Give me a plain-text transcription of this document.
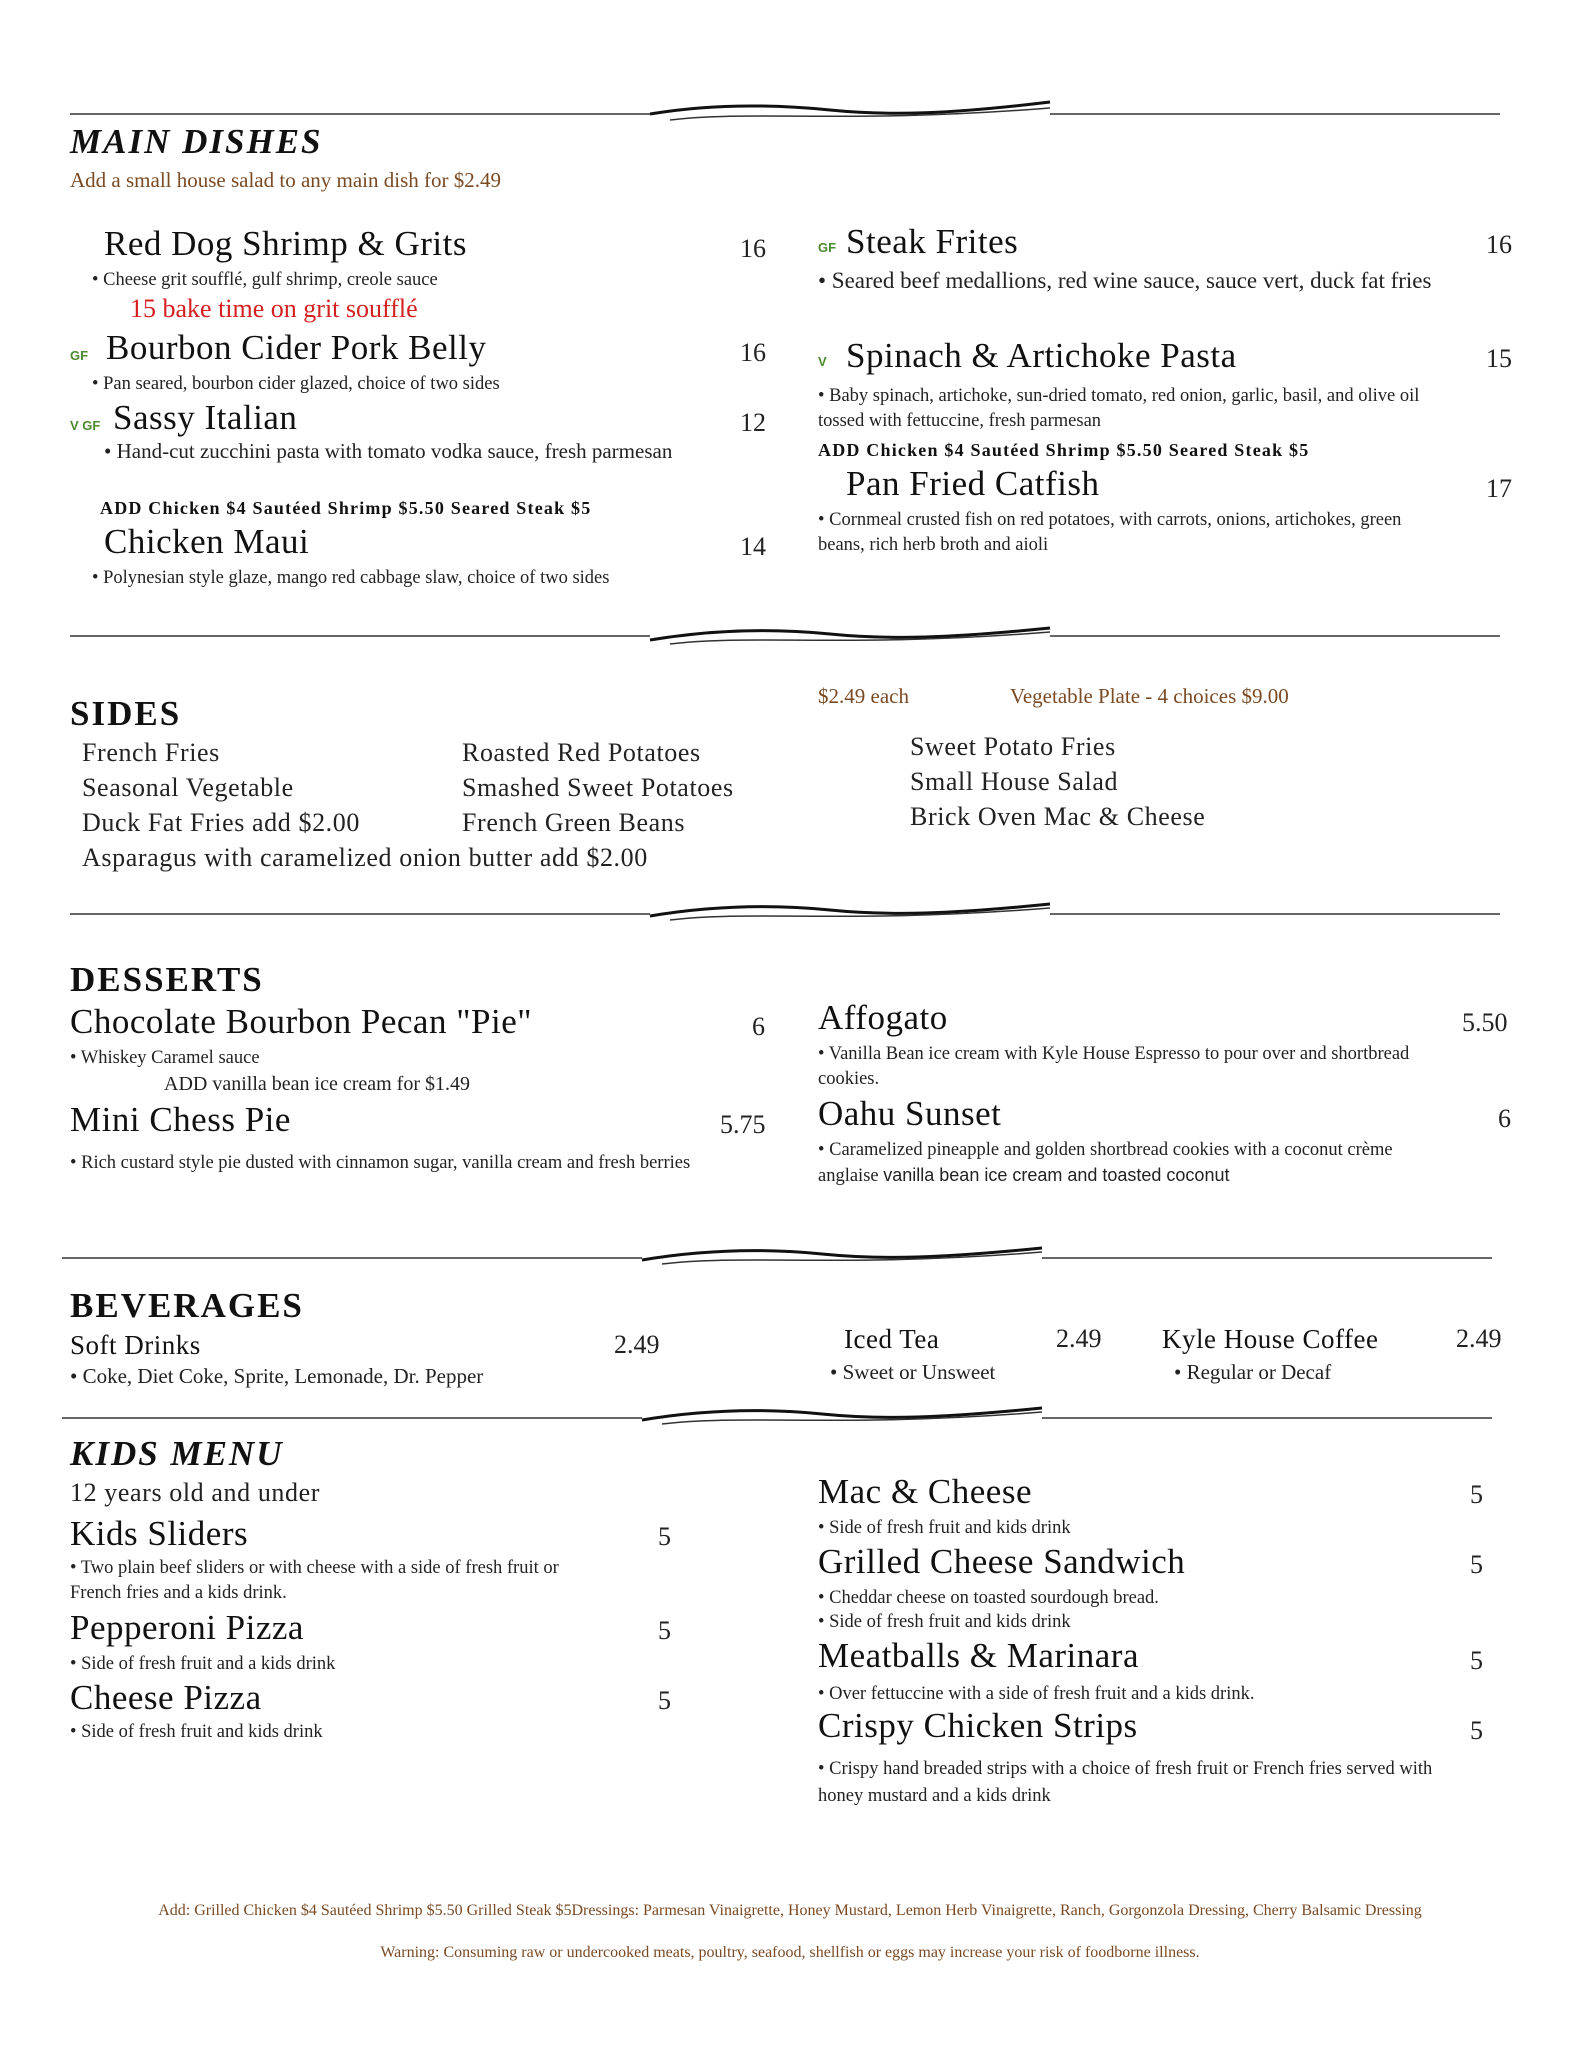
MAIN DISHES
Add a small house salad to any main dish for $2.49
Red Dog Shrimp & Grits	16
• Cheese grit soufflé, gulf shrimp, creole sauce
15 bake time on grit soufflé
GF Bourbon Cider Pork Belly	16
• Pan seared, bourbon cider glazed, choice of two sides
V GF Sassy Italian	12
• Hand-cut zucchini pasta with tomato vodka sauce, fresh parmesan
ADD Chicken $4 Sautéed Shrimp $5.50 Seared Steak $5
Chicken Maui	14
• Polynesian style glaze, mango red cabbage slaw, choice of two sides
GF Steak Frites	16
• Seared beef medallions, red wine sauce, sauce vert, duck fat fries
V Spinach & Artichoke Pasta	15
• Baby spinach, artichoke, sun-dried tomato, red onion, garlic, basil, and olive oil tossed with fettuccine, fresh parmesan
ADD Chicken $4 Sautéed Shrimp $5.50 Seared Steak $5
Pan Fried Catfish	17
• Cornmeal crusted fish on red potatoes, with carrots, onions, artichokes, green beans, rich herb broth and aioli
SIDES	$2.49 each	Vegetable Plate - 4 choices $9.00
French Fries
Seasonal Vegetable
Duck Fat Fries add $2.00
Asparagus with caramelized onion butter add $2.00
Roasted Red Potatoes
Smashed Sweet Potatoes
French Green Beans
Sweet Potato Fries
Small House Salad
Brick Oven Mac & Cheese
DESSERTS
Chocolate Bourbon Pecan "Pie"	6
• Whiskey Caramel sauce
ADD vanilla bean ice cream for $1.49
Mini Chess Pie	5.75
• Rich custard style pie dusted with cinnamon sugar, vanilla cream and fresh berries
Affogato	5.50
• Vanilla Bean ice cream with Kyle House Espresso to pour over and shortbread cookies.
Oahu Sunset	6
• Caramelized pineapple and golden shortbread cookies with a coconut crème anglaise vanilla bean ice cream and toasted coconut
BEVERAGES
Soft Drinks	2.49
• Coke, Diet Coke, Sprite, Lemonade, Dr. Pepper
Iced Tea	2.49
• Sweet or Unsweet
Kyle House Coffee	2.49
• Regular or Decaf
KIDS MENU
12 years old and under
Kids Sliders	5
• Two plain beef sliders or with cheese with a side of fresh fruit or French fries and a kids drink.
Pepperoni Pizza	5
• Side of fresh fruit and a kids drink
Cheese Pizza	5
• Side of fresh fruit and kids drink
Mac & Cheese	5
• Side of fresh fruit and kids drink
Grilled Cheese Sandwich	5
• Cheddar cheese on toasted sourdough bread.
• Side of fresh fruit and kids drink
Meatballs & Marinara	5
• Over fettuccine with a side of fresh fruit and a kids drink.
Crispy Chicken Strips	5
• Crispy hand breaded strips with a choice of fresh fruit or French fries served with honey mustard and a kids drink
Add: Grilled Chicken $4 Sautéed Shrimp $5.50 Grilled Steak $5Dressings: Parmesan Vinaigrette, Honey Mustard, Lemon Herb Vinaigrette, Ranch, Gorgonzola Dressing, Cherry Balsamic Dressing
Warning: Consuming raw or undercooked meats, poultry, seafood, shellfish or eggs may increase your risk of foodborne illness.
